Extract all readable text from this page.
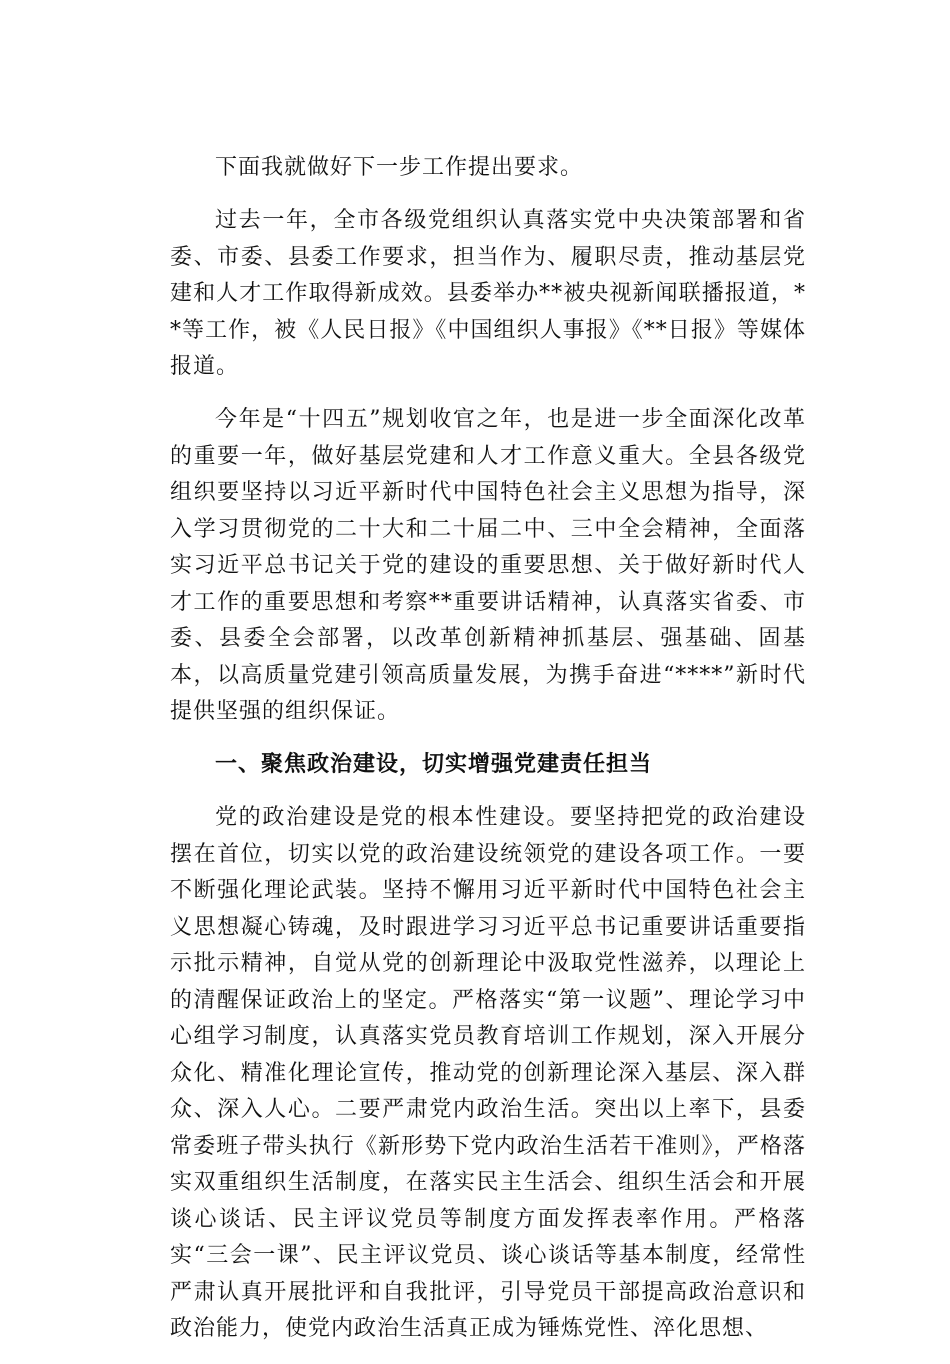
下面我就做好下一步工作提出要求。

过去一年，全市各级党组织认真落实党中央决策部署和省委、市委、县委工作要求，担当作为、履职尽责，推动基层党建和人才工作取得新成效。县委举办**被央视新闻联播报道，**等工作，被《人民日报》《中国组织人事报》《**日报》等媒体报道。

今年是“十四五”规划收官之年，也是进一步全面深化改革的重要一年，做好基层党建和人才工作意义重大。全县各级党组织要坚持以习近平新时代中国特色社会主义思想为指导，深入学习贯彻党的二十大和二十届二中、三中全会精神，全面落实习近平总书记关于党的建设的重要思想、关于做好新时代人才工作的重要思想和考察**重要讲话精神，认真落实省委、市委、县委全会部署，以改革创新精神抓基层、强基础、固基本，以高质量党建引领高质量发展，为携手奋进“****”新时代提供坚强的组织保证。

一、聚焦政治建设，切实增强党建责任担当

党的政治建设是党的根本性建设。要坚持把党的政治建设摆在首位，切实以党的政治建设统领党的建设各项工作。一要不断强化理论武装。坚持不懈用习近平新时代中国特色社会主义思想凝心铸魂，及时跟进学习习近平总书记重要讲话重要指示批示精神，自觉从党的创新理论中汲取党性滋养，以理论上的清醒保证政治上的坚定。严格落实“第一议题”、理论学习中心组学习制度，认真落实党员教育培训工作规划，深入开展分众化、精准化理论宣传，推动党的创新理论深入基层、深入群众、深入人心。二要严肃党内政治生活。突出以上率下，县委常委班子带头执行《新形势下党内政治生活若干准则》，严格落实双重组织生活制度，在落实民主生活会、组织生活会和开展谈心谈话、民主评议党员等制度方面发挥表率作用。严格落实“三会一课”、民主评议党员、谈心谈话等基本制度，经常性严肃认真开展批评和自我批评，引导党员干部提高政治意识和政治能力，使党内政治生活真正成为锤炼党性、淬化思想、
